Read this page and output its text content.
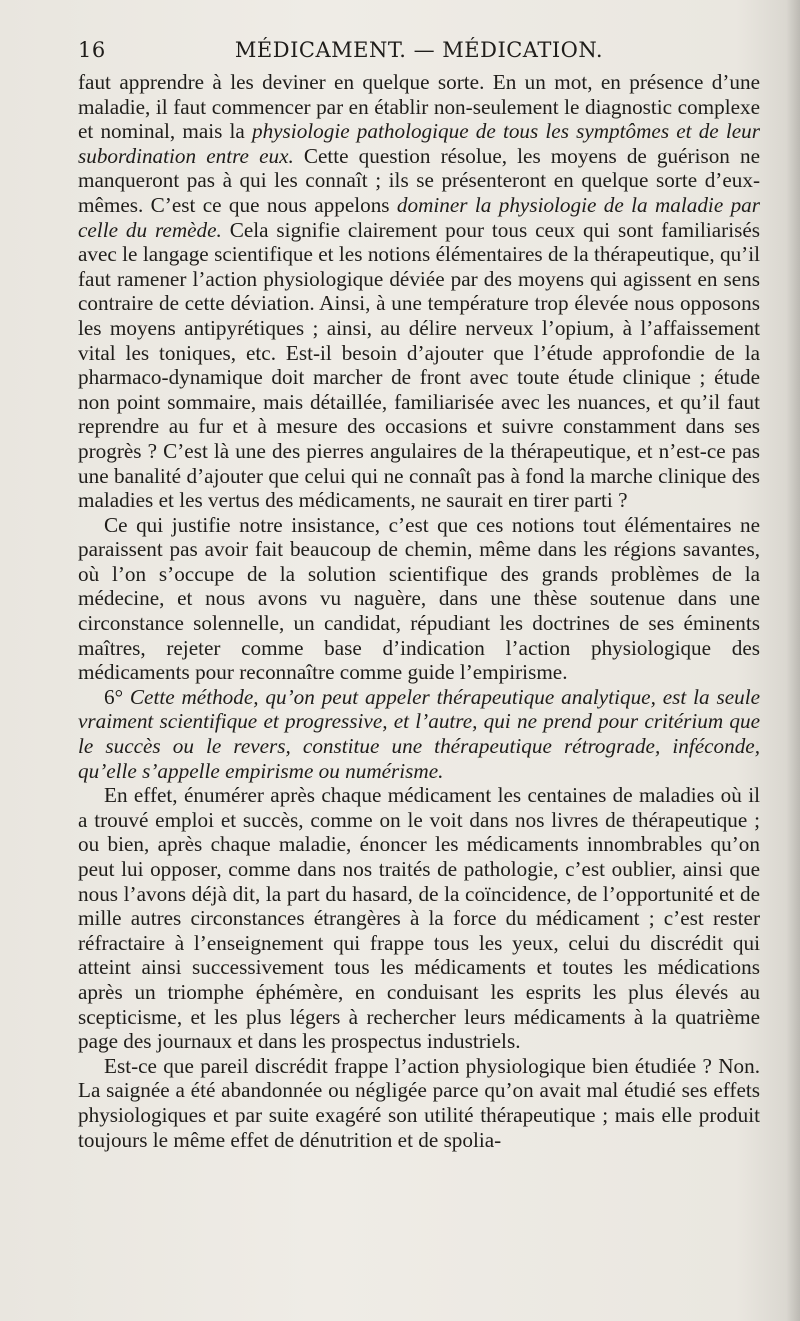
16	MÉDICAMENT. — MÉDICATION.

faut apprendre à les deviner en quelque sorte. En un mot, en présence d’une maladie, il faut commencer par en établir non-seulement le diagnostic complexe et nominal, mais la physiologie pathologique de tous les symptômes et de leur subordination entre eux. Cette question résolue, les moyens de guérison ne manqueront pas à qui les connaît ; ils se présenteront en quelque sorte d’eux-mêmes. C’est ce que nous appelons dominer la physiologie de la maladie par celle du remède. Cela signifie clairement pour tous ceux qui sont familiarisés avec le langage scientifique et les notions élémentaires de la thérapeutique, qu’il faut ramener l’action physiologique déviée par des moyens qui agissent en sens contraire de cette déviation. Ainsi, à une température trop élevée nous opposons les moyens antipyrétiques ; ainsi, au délire nerveux l’opium, à l’affaissement vital les toniques, etc. Est-il besoin d’ajouter que l’étude approfondie de la pharmaco-dynamique doit marcher de front avec toute étude clinique ; étude non point sommaire, mais détaillée, familiarisée avec les nuances, et qu’il faut reprendre au fur et à mesure des occasions et suivre constamment dans ses progrès ? C’est là une des pierres angulaires de la thérapeutique, et n’est-ce pas une banalité d’ajouter que celui qui ne connaît pas à fond la marche clinique des maladies et les vertus des médicaments, ne saurait en tirer parti ?

Ce qui justifie notre insistance, c’est que ces notions tout élémentaires ne paraissent pas avoir fait beaucoup de chemin, même dans les régions savantes, où l’on s’occupe de la solution scientifique des grands problèmes de la médecine, et nous avons vu naguère, dans une thèse soutenue dans une circonstance solennelle, un candidat, répudiant les doctrines de ses éminents maîtres, rejeter comme base d’indication l’action physiologique des médicaments pour reconnaître comme guide l’empirisme.

6° Cette méthode, qu’on peut appeler thérapeutique analytique, est la seule vraiment scientifique et progressive, et l’autre, qui ne prend pour critérium que le succès ou le revers, constitue une thérapeutique rétrograde, inféconde, qu’elle s’appelle empirisme ou numérisme.

En effet, énumérer après chaque médicament les centaines de maladies où il a trouvé emploi et succès, comme on le voit dans nos livres de thérapeutique ; ou bien, après chaque maladie, énoncer les médicaments innombrables qu’on peut lui opposer, comme dans nos traités de pathologie, c’est oublier, ainsi que nous l’avons déjà dit, la part du hasard, de la coïncidence, de l’opportunité et de mille autres circonstances étrangères à la force du médicament ; c’est rester réfractaire à l’enseignement qui frappe tous les yeux, celui du discrédit qui atteint ainsi successivement tous les médicaments et toutes les médications après un triomphe éphémère, en conduisant les esprits les plus élevés au scepticisme, et les plus légers à rechercher leurs médicaments à la quatrième page des journaux et dans les prospectus industriels.

Est-ce que pareil discrédit frappe l’action physiologique bien étudiée ? Non. La saignée a été abandonnée ou négligée parce qu’on avait mal étudié ses effets physiologiques et par suite exagéré son utilité thérapeutique ; mais elle produit toujours le même effet de dénutrition et de spolia-
